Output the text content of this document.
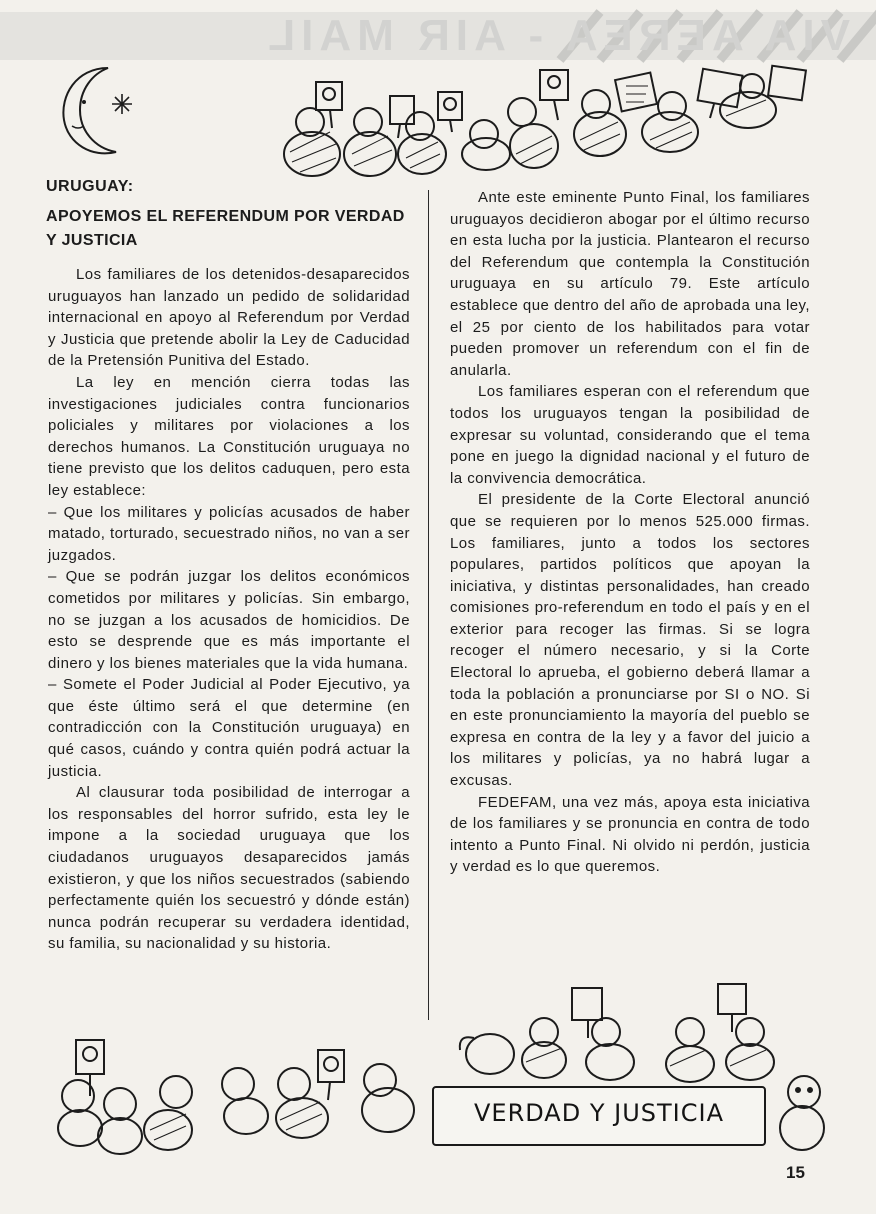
VIA AEREA - AIR MAIL
URUGUAY:
APOYEMOS EL REFERENDUM POR VERDAD Y JUSTICIA

Los familiares de los detenidos-desaparecidos uruguayos han lanzado un pedido de solidaridad internacional en apoyo al Referendum por Verdad y Justicia que pretende abolir la Ley de Caducidad de la Pretensión Punitiva del Estado.

La ley en mención cierra todas las investigaciones judiciales contra funcionarios policiales y militares por violaciones a los derechos humanos. La Constitución uruguaya no tiene previsto que los delitos caduquen, pero esta ley establece:

– Que los militares y policías acusados de haber matado, torturado, secuestrado niños, no van a ser juzgados.

– Que se podrán juzgar los delitos económicos cometidos por militares y policías. Sin embargo, no se juzgan a los acusados de homicidios. De esto se desprende que es más importante el dinero y los bienes materiales que la vida humana.

– Somete el Poder Judicial al Poder Ejecutivo, ya que éste último será el que determine (en contradicción con la Constitución uruguaya) en qué casos, cuándo y contra quién podrá actuar la justicia.

Al clausurar toda posibilidad de interrogar a los responsables del horror sufrido, esta ley le impone a la sociedad uruguaya que los ciudadanos uruguayos desaparecidos jamás existieron, y que los niños secuestrados (sabiendo perfectamente quién los secuestró y dónde están) nunca podrán recuperar su verdadera identidad, su familia, su nacionalidad y su historia.

Ante este eminente Punto Final, los familiares uruguayos decidieron abogar por el último recurso en esta lucha por la justicia. Plantearon el recurso del Referendum que contempla la Constitución uruguaya en su artículo 79. Este artículo establece que dentro del año de aprobada una ley, el 25 por ciento de los habilitados para votar pueden promover un referendum con el fin de anularla.

Los familiares esperan con el referendum que todos los uruguayos tengan la posibilidad de expresar su voluntad, considerando que el tema pone en juego la dignidad nacional y el futuro de la convivencia democrática.

El presidente de la Corte Electoral anunció que se requieren por lo menos 525.000 firmas. Los familiares, junto a todos los sectores populares, partidos políticos que apoyan la iniciativa, y distintas personalidades, han creado comisiones pro-referendum en todo el país y en el exterior para recoger las firmas. Si se logra recoger el número necesario, y si la Corte Electoral lo aprueba, el gobierno deberá llamar a toda la población a pronunciarse por SI o NO. Si en este pronunciamiento la mayoría del pueblo se expresa en contra de la ley y a favor del juicio a los militares y policías, ya no habrá lugar a excusas.

FEDEFAM, una vez más, apoya esta iniciativa de los familiares y se pronuncia en contra de todo intento a Punto Final. Ni olvido ni perdón, justicia y verdad es lo que queremos.

VERDAD Y JUSTICIA
15
